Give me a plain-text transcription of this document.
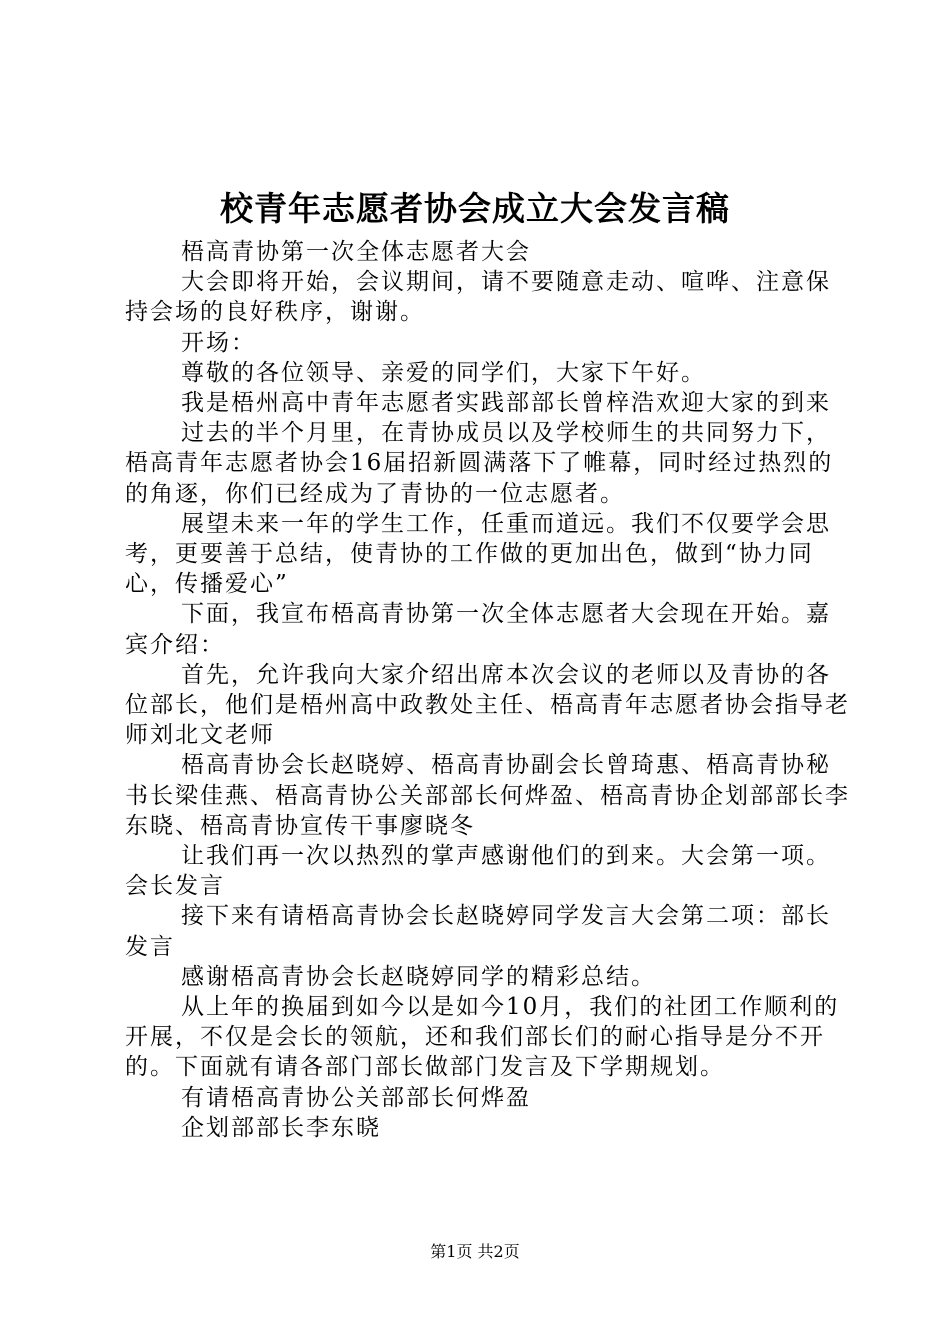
校青年志愿者协会成立大会发言稿

梧高青协第一次全体志愿者大会

大会即将开始，会议期间，请不要随意走动、喧哗、注意保持会场的良好秩序，谢谢。

开场：

尊敬的各位领导、亲爱的同学们，大家下午好。

我是梧州高中青年志愿者实践部部长曾梓浩欢迎大家的到来

过去的半个月里，在青协成员以及学校师生的共同努力下，梧高青年志愿者协会16届招新圆满落下了帷幕，同时经过热烈的的角逐，你们已经成为了青协的一位志愿者。

展望未来一年的学生工作，任重而道远。我们不仅要学会思考，更要善于总结，使青协的工作做的更加出色，做到“协力同心，传播爱心”

下面，我宣布梧高青协第一次全体志愿者大会现在开始。嘉宾介绍：

首先，允许我向大家介绍出席本次会议的老师以及青协的各位部长，他们是梧州高中政教处主任、梧高青年志愿者协会指导老师刘北文老师

梧高青协会长赵晓婷、梧高青协副会长曾琦惠、梧高青协秘书长梁佳燕、梧高青协公关部部长何烨盈、梧高青协企划部部长李东晓、梧高青协宣传干事廖晓冬

让我们再一次以热烈的掌声感谢他们的到来。大会第一项。会长发言

接下来有请梧高青协会长赵晓婷同学发言大会第二项：部长发言

感谢梧高青协会长赵晓婷同学的精彩总结。

从上年的换届到如今以是如今10月，我们的社团工作顺利的开展，不仅是会长的领航，还和我们部长们的耐心指导是分不开的。下面就有请各部门部长做部门发言及下学期规划。

有请梧高青协公关部部长何烨盈

企划部部长李东晓

第1页 共2页
